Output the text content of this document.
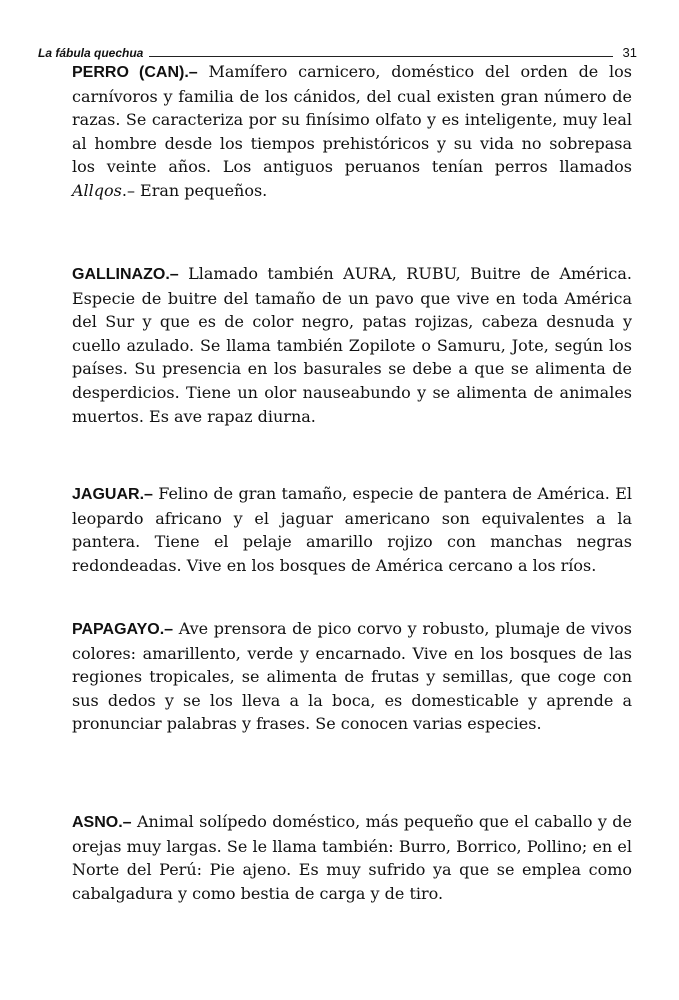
La fábula quechua	31

PERRO (CAN).– Mamífero carnicero, doméstico del orden de los carnívoros y familia de los cánidos, del cual existen gran número de razas. Se caracteriza por su finísimo olfato y es inteligente, muy leal al hombre desde los tiempos prehistóricos y su vida no sobrepasa los veinte años. Los antiguos peruanos tenían perros llamados Allqos.– Eran pequeños.

GALLINAZO.– Llamado también AURA, RUBU, Buitre de América. Especie de buitre del tamaño de un pavo que vive en toda América del Sur y que es de color negro, patas rojizas, cabeza desnuda y cuello azulado. Se llama también Zopilote o Samuru, Jote, según los países. Su presencia en los basurales se debe a que se alimenta de desperdicios. Tiene un olor nauseabundo y se alimenta de animales muertos. Es ave rapaz diurna.

JAGUAR.– Felino de gran tamaño, especie de pantera de América. El leopardo africano y el jaguar americano son equivalentes a la pantera. Tiene el pelaje amarillo rojizo con manchas negras redondeadas. Vive en los bosques de América cercano a los ríos.

PAPAGAYO.– Ave prensora de pico corvo y robusto, plumaje de vivos colores: amarillento, verde y encarnado. Vive en los bosques de las regiones tropicales, se alimenta de frutas y semillas, que coge con sus dedos y se los lleva a la boca, es domesticable y aprende a pronunciar palabras y frases. Se conocen varias especies.

ASNO.– Animal solípedo doméstico, más pequeño que el caballo y de orejas muy largas. Se le llama también: Burro, Borrico, Pollino; en el Norte del Perú: Pie ajeno. Es muy sufrido ya que se emplea como cabalgadura y como bestia de carga y de tiro.
